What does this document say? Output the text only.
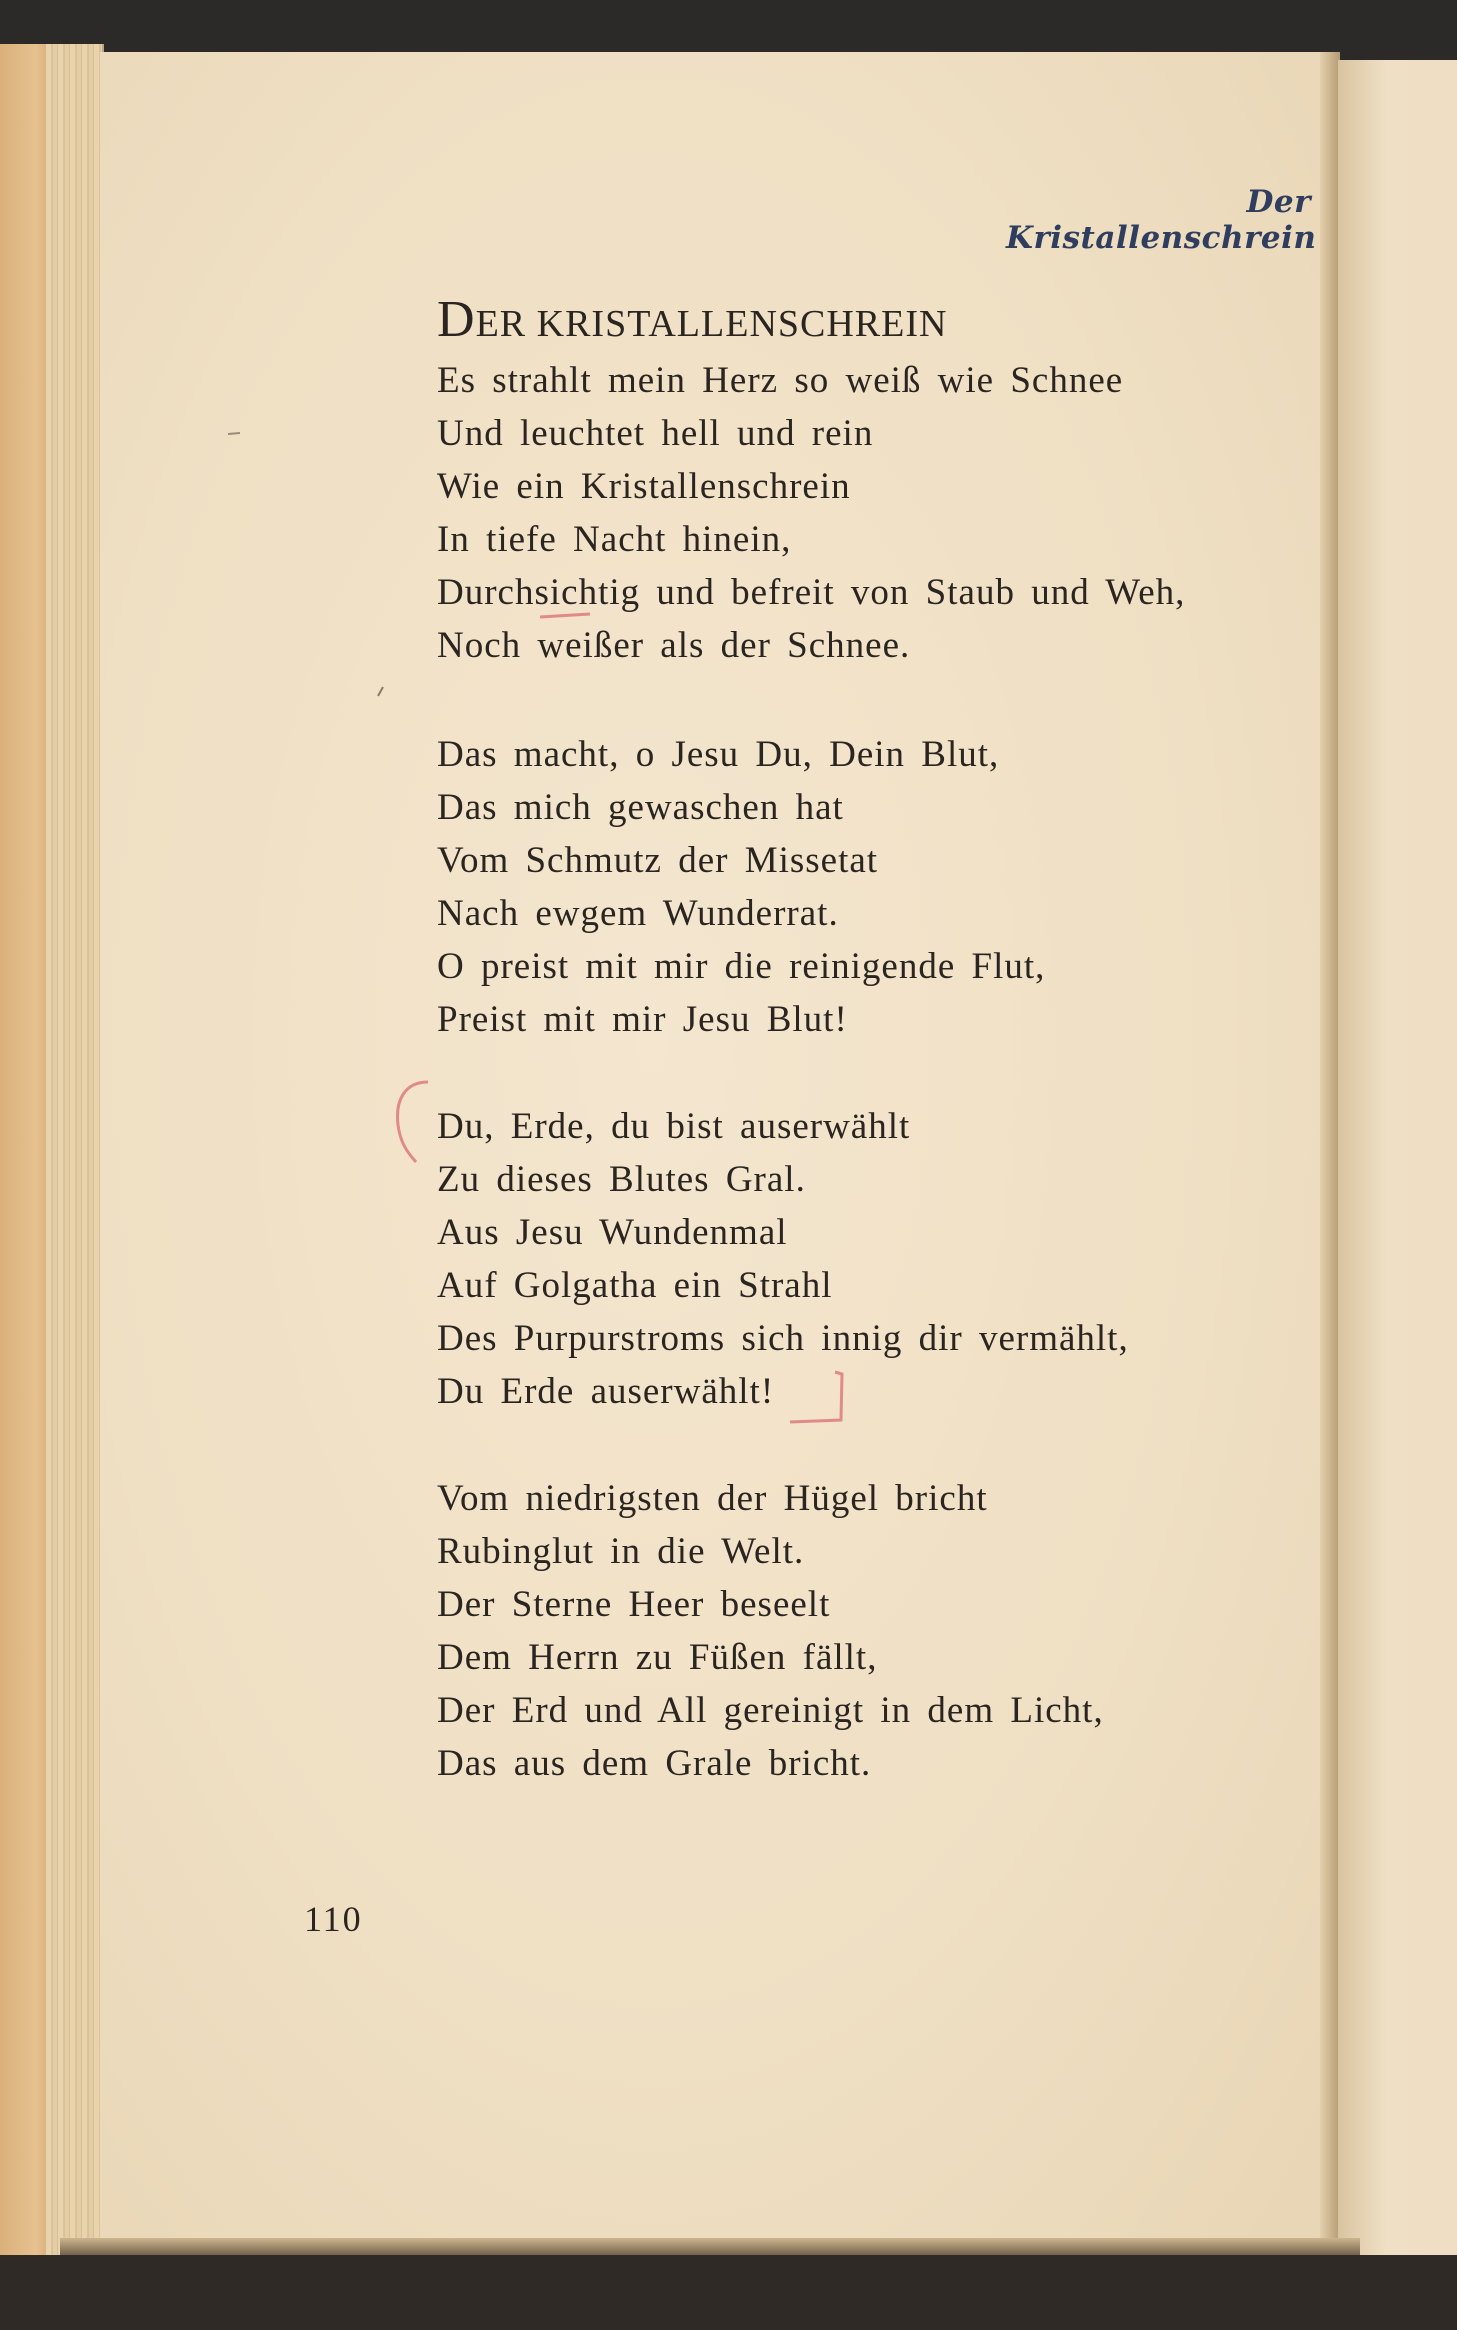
Der Kristallenschrein
DER KRISTALLENSCHREIN
Es strahlt mein Herz so weiß wie Schnee
Und leuchtet hell und rein
Wie ein Kristallenschrein
In tiefe Nacht hinein,
Durchsichtig und befreit von Staub und Weh,
Noch weißer als der Schnee.
Das macht, o Jesu Du, Dein Blut,
Das mich gewaschen hat
Vom Schmutz der Missetat
Nach ewgem Wunderrat.
O preist mit mir die reinigende Flut,
Preist mit mir Jesu Blut!
Du, Erde, du bist auserwählt
Zu dieses Blutes Gral.
Aus Jesu Wundenmal
Auf Golgatha ein Strahl
Des Purpurstroms sich innig dir vermählt,
Du Erde auserwählt!
Vom niedrigsten der Hügel bricht
Rubinglut in die Welt.
Der Sterne Heer beseelt
Dem Herrn zu Füßen fällt,
Der Erd und All gereinigt in dem Licht,
Das aus dem Grale bricht.
110
